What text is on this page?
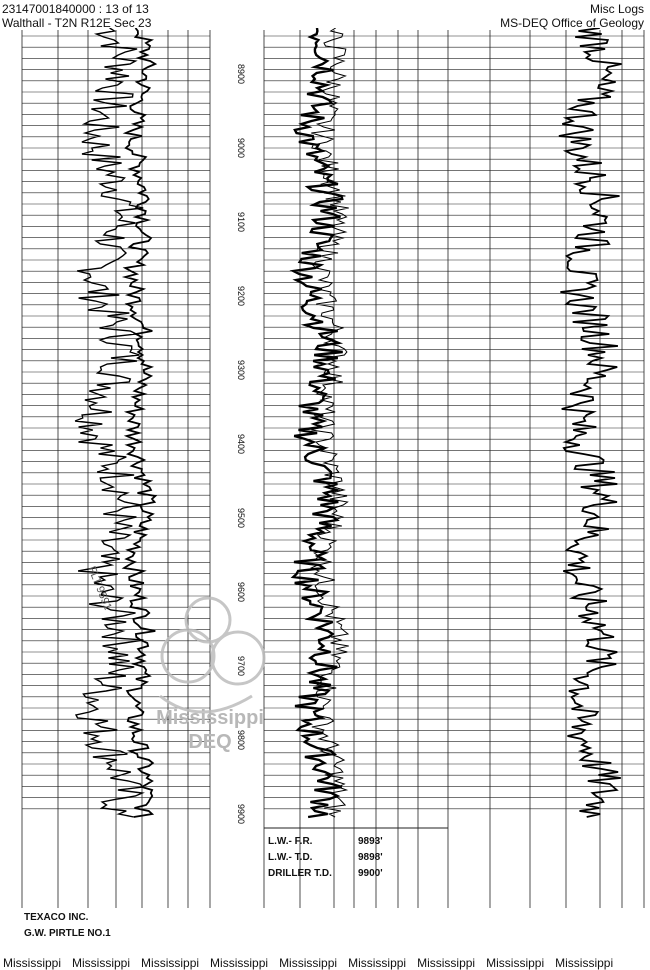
23147001840000 : 13 of 13
Walthall - T2N R12E Sec 23
Misc Logs
MS-DEQ Office of Geology
8900
9000
9100
9200
9300
9400
9500
9600
9700
9800
9900
FLT 9591
L.W.- F.R.	9893'
L.W.- T.D.	9898'
DRILLER T.D.	9900'
TEXACO INC.
G.W. PIRTLE NO.1
Mississippi
DEQ
Mississippi Mississippi Mississippi Mississippi Mississippi Mississippi Mississippi Mississippi Mississippi
